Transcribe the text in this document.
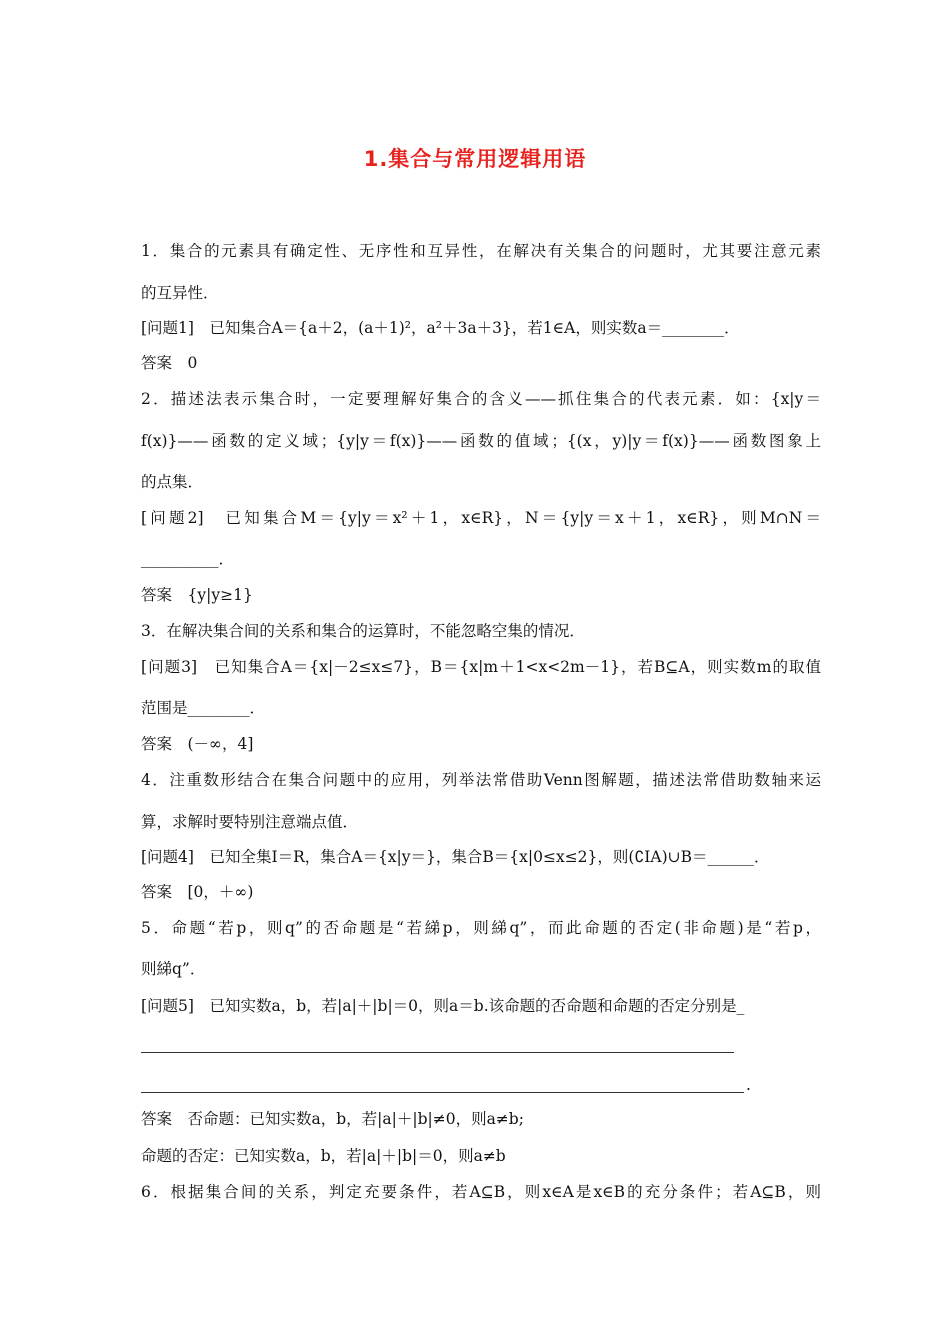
1.集合与常用逻辑用语
1．集合的元素具有确定性、无序性和互异性，在解决有关集合的问题时，尤其要注意元素
的互异性．
[问题1]　已知集合A＝{a＋2，(a＋1)²，a²＋3a＋3}，若1∈A，则实数a＝________．
答案　0
2．描述法表示集合时，一定要理解好集合的含义——抓住集合的代表元素．如：{x|y＝
f(x)}——函数的定义域；{y|y＝f(x)}——函数的值域；{(x，y)|y＝f(x)}——函数图象上
的点集．
[问题2]　已知集合M＝{y|y＝x²＋1，x∈R}，N＝{y|y＝x＋1，x∈R}，则M∩N＝
__________．
答案　{y|y≥1}
3．在解决集合间的关系和集合的运算时，不能忽略空集的情况．
[问题3]　已知集合A＝{x|－2≤x≤7}，B＝{x|m＋1<x<2m－1}，若B⊆A，则实数m的取值
范围是________．
答案　(－∞，4]
4．注重数形结合在集合问题中的应用，列举法常借助Venn图解题，描述法常借助数轴来运
算，求解时要特别注意端点值．
[问题4]　已知全集I＝R，集合A＝{x|y＝}，集合B＝{x|0≤x≤2}，则(∁IA)∪B＝______．
答案　[0，＋∞)
5．命题“若p，则q”的否命题是“若綈p，则綈q”，而此命题的否定(非命题)是“若p，
则綈q”．
[问题5]　已知实数a，b，若|a|＋|b|＝0，则a＝b.该命题的否命题和命题的否定分别是_
.
答案　否命题：已知实数a，b，若|a|＋|b|≠0，则a≠b;
命题的否定：已知实数a，b，若|a|＋|b|＝0，则a≠b
6．根据集合间的关系，判定充要条件，若A⊆B，则x∈A是x∈B的充分条件；若A⊆B，则
